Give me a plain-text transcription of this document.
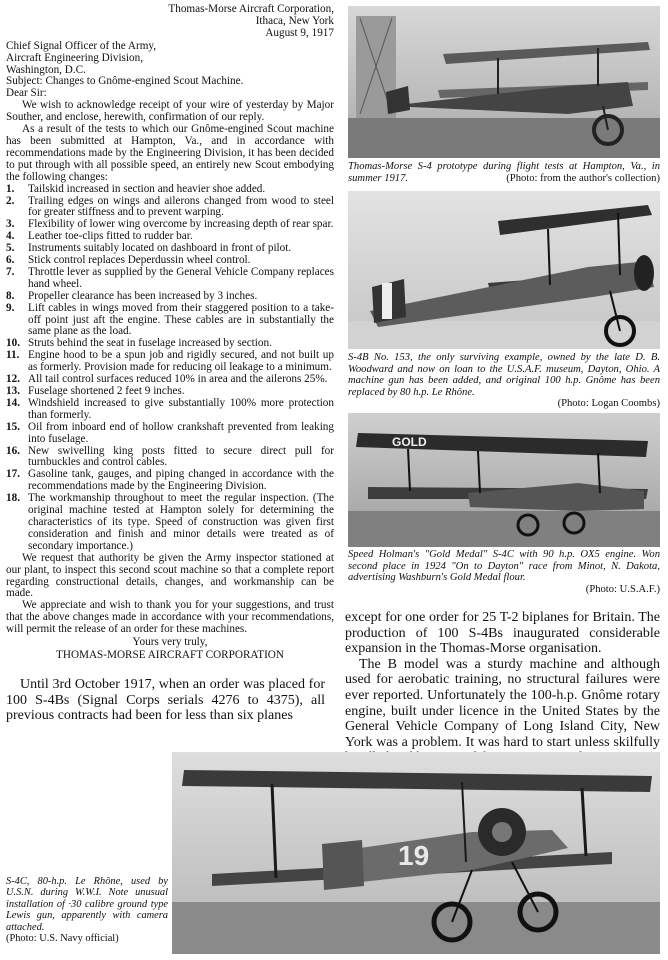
Thomas-Morse Aircraft Corporation,
Ithaca, New York
August 9, 1917
Chief Signal Officer of the Army,
Aircraft Engineering Division,
Washington, D.C.
Subject: Changes to Gnôme-engined Scout Machine.
Dear Sir:

We wish to acknowledge receipt of your wire of yesterday by Major Souther, and enclose, herewith, confirmation of our reply.

As a result of the tests to which our Gnôme-engined Scout machine has been submitted at Hampton, Va., and in accordance with recommendations made by the Engineering Division, it has been decided to put through with all possible speed, an entirely new Scout embodying the following changes:

1.	Tailskid increased in section and heavier shoe added.
2.	Trailing edges on wings and ailerons changed from wood to steel for greater stiffness and to prevent warping.
3.	Flexibility of lower wing overcome by increasing depth of rear spar.
4.	Leather toe-clips fitted to rudder bar.
5.	Instruments suitably located on dashboard in front of pilot.
6.	Stick control replaces Deperdussin wheel control.
7.	Throttle lever as supplied by the General Vehicle Company replaces hand wheel.
8.	Propeller clearance has been increased by 3 inches.
9.	Lift cables in wings moved from their staggered position to a take-off point just aft the engine. These cables are in substantially the same plane as the load.
10. Struts behind the seat in fuselage increased by section.
11. Engine hood to be a spun job and rigidly secured, and not built up as formerly. Provision made for reducing oil leakage to a minimum.
12. All tail control surfaces reduced 10% in area and the ailerons 25%.
13. Fuselage shortened 2 feet 9 inches.
14. Windshield increased to give substantially 100% more protection than formerly.
15. Oil from inboard end of hollow crankshaft prevented from leaking into fuselage.
16. New swivelling king posts fitted to secure direct pull for turnbuckles and control cables.
17. Gasoline tank, gauges, and piping changed in accordance with the recommendations made by the Engineering Division.
18. The workmanship throughout to meet the regular inspection. (The original machine tested at Hampton solely for determining the characteristics of its type. Speed of construction was given first consideration and finish and minor details were treated as of secondary importance.)

We request that authority be given the Army inspector stationed at our plant, to inspect this second scout machine so that a complete report regarding constructional details, changes, and workmanship can be made.

We appreciate and wish to thank you for your suggestions, and trust that the above changes made in accordance with your recommendations, will permit the release of an order for these machines.

Yours very truly,
THOMAS-MORSE AIRCRAFT CORPORATION

Until 3rd October 1917, when an order was placed for 100 S-4Bs (Signal Corps serials 4276 to 4375), all previous contracts had been for less than six planes

except for one order for 25 T-2 biplanes for Britain. The production of 100 S-4Bs inaugurated considerable expansion in the Thomas-Morse organisation.

The B model was a sturdy machine and although used for aerobatic training, no structural failures were ever reported. Unfortunately the 100-h.p. Gnôme rotary engine, built under licence in the United States by the General Vehicle Company of Long Island City, New York was a problem. It was hard to start unless skilfully

Thomas-Morse S-4 prototype during flight tests at Hampton, Va., in summer 1917.	(Photo: from the author's collection)
S-4B No. 153, the only surviving example, owned by the late D. B. Woodward and now on loan to the U.S.A.F. museum, Dayton, Ohio. A machine gun has been added, and original 100 h.p. Gnôme has been replaced by 80 h.p. Le Rhône.
(Photo: Logan Coombs)
GOLD
Speed Holman's "Gold Medal" S-4C with 90 h.p. OX5 engine. Won second place in 1924 "On to Dayton" race from Minot, N. Dakota, advertising Washburn's Gold Medal flour.
(Photo: U.S.A.F.)
19
S-4C, 80-h.p. Le Rhône, used by U.S.N. during W.W.I. Note unusual installation of ·30 calibre ground type Lewis gun, apparently with camera attached.
(Photo: U.S. Navy official)
